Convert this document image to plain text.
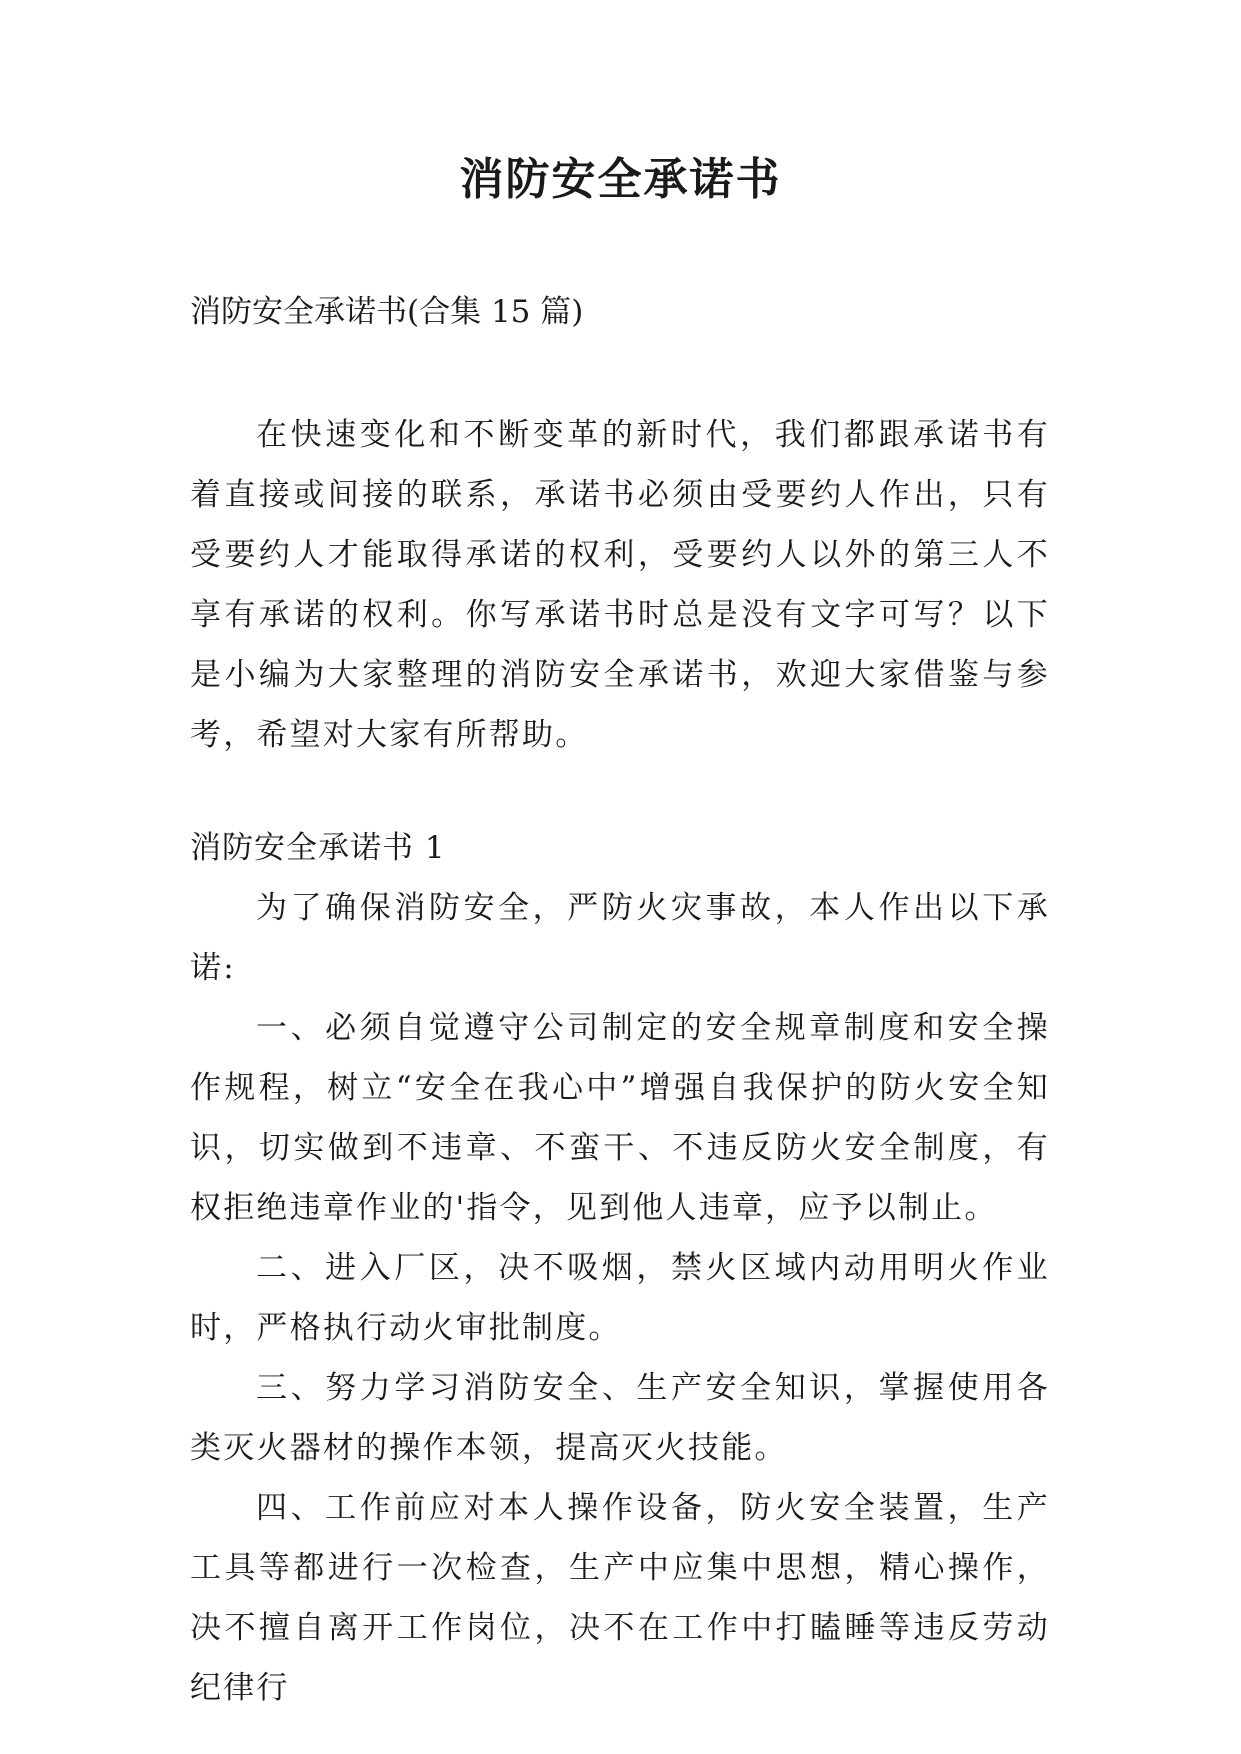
消防安全承诺书
消防安全承诺书(合集 15 篇)

在快速变化和不断变革的新时代，我们都跟承诺书有着直接或间接的联系，承诺书必须由受要约人作出，只有受要约人才能取得承诺的权利，受要约人以外的第三人不享有承诺的权利。你写承诺书时总是没有文字可写？以下是小编为大家整理的消防安全承诺书，欢迎大家借鉴与参考，希望对大家有所帮助。

消防安全承诺书 1

为了确保消防安全，严防火灾事故，本人作出以下承诺:

一、必须自觉遵守公司制定的安全规章制度和安全操作规程，树立“安全在我心中”增强自我保护的防火安全知识，切实做到不违章、不蛮干、不违反防火安全制度，有权拒绝违章作业的'指令，见到他人违章，应予以制止。

二、进入厂区，决不吸烟，禁火区域内动用明火作业时，严格执行动火审批制度。

三、努力学习消防安全、生产安全知识，掌握使用各类灭火器材的操作本领，提高灭火技能。

四、工作前应对本人操作设备，防火安全装置，生产工具等都进行一次检查，生产中应集中思想，精心操作，决不擅自离开工作岗位，决不在工作中打瞌睡等违反劳动纪律行
